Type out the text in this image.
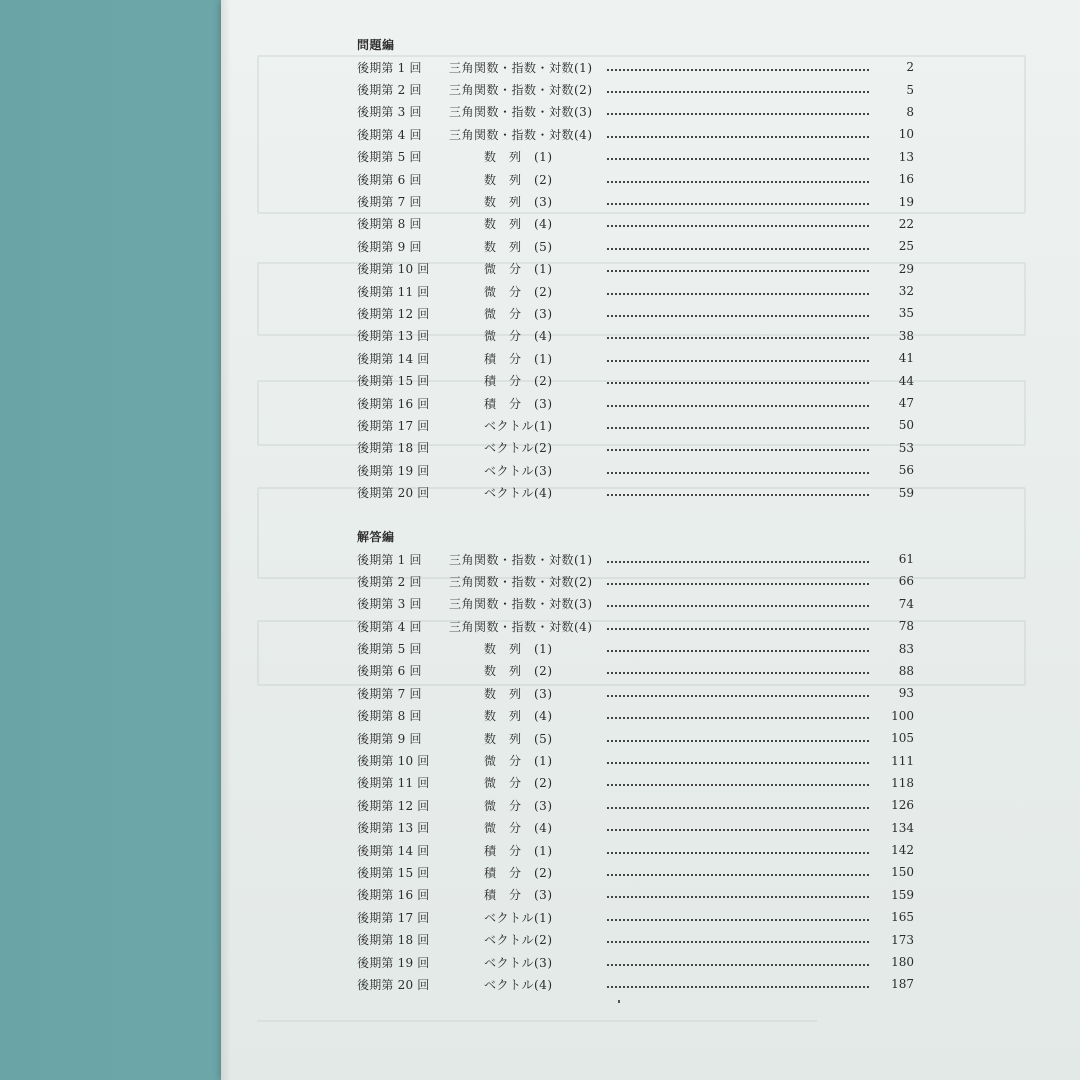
問題編
後期第 1 回	三角関数・指数・対数(1)	2
後期第 2 回	三角関数・指数・対数(2)	5
後期第 3 回	三角関数・指数・対数(3)	8
後期第 4 回	三角関数・指数・対数(4)	10
後期第 5 回	数　列　(1)	13
後期第 6 回	数　列　(2)	16
後期第 7 回	数　列　(3)	19
後期第 8 回	数　列　(4)	22
後期第 9 回	数　列　(5)	25
後期第 10 回	微　分　(1)	29
後期第 11 回	微　分　(2)	32
後期第 12 回	微　分　(3)	35
後期第 13 回	微　分　(4)	38
後期第 14 回	積　分　(1)	41
後期第 15 回	積　分　(2)	44
後期第 16 回	積　分　(3)	47
後期第 17 回	ベクトル(1)	50
後期第 18 回	ベクトル(2)	53
後期第 19 回	ベクトル(3)	56
後期第 20 回	ベクトル(4)	59
解答編
後期第 1 回	三角関数・指数・対数(1)	61
後期第 2 回	三角関数・指数・対数(2)	66
後期第 3 回	三角関数・指数・対数(3)	74
後期第 4 回	三角関数・指数・対数(4)	78
後期第 5 回	数　列　(1)	83
後期第 6 回	数　列　(2)	88
後期第 7 回	数　列　(3)	93
後期第 8 回	数　列　(4)	100
後期第 9 回	数　列　(5)	105
後期第 10 回	微　分　(1)	111
後期第 11 回	微　分　(2)	118
後期第 12 回	微　分　(3)	126
後期第 13 回	微　分　(4)	134
後期第 14 回	積　分　(1)	142
後期第 15 回	積　分　(2)	150
後期第 16 回	積　分　(3)	159
後期第 17 回	ベクトル(1)	165
後期第 18 回	ベクトル(2)	173
後期第 19 回	ベクトル(3)	180
後期第 20 回	ベクトル(4)	187
